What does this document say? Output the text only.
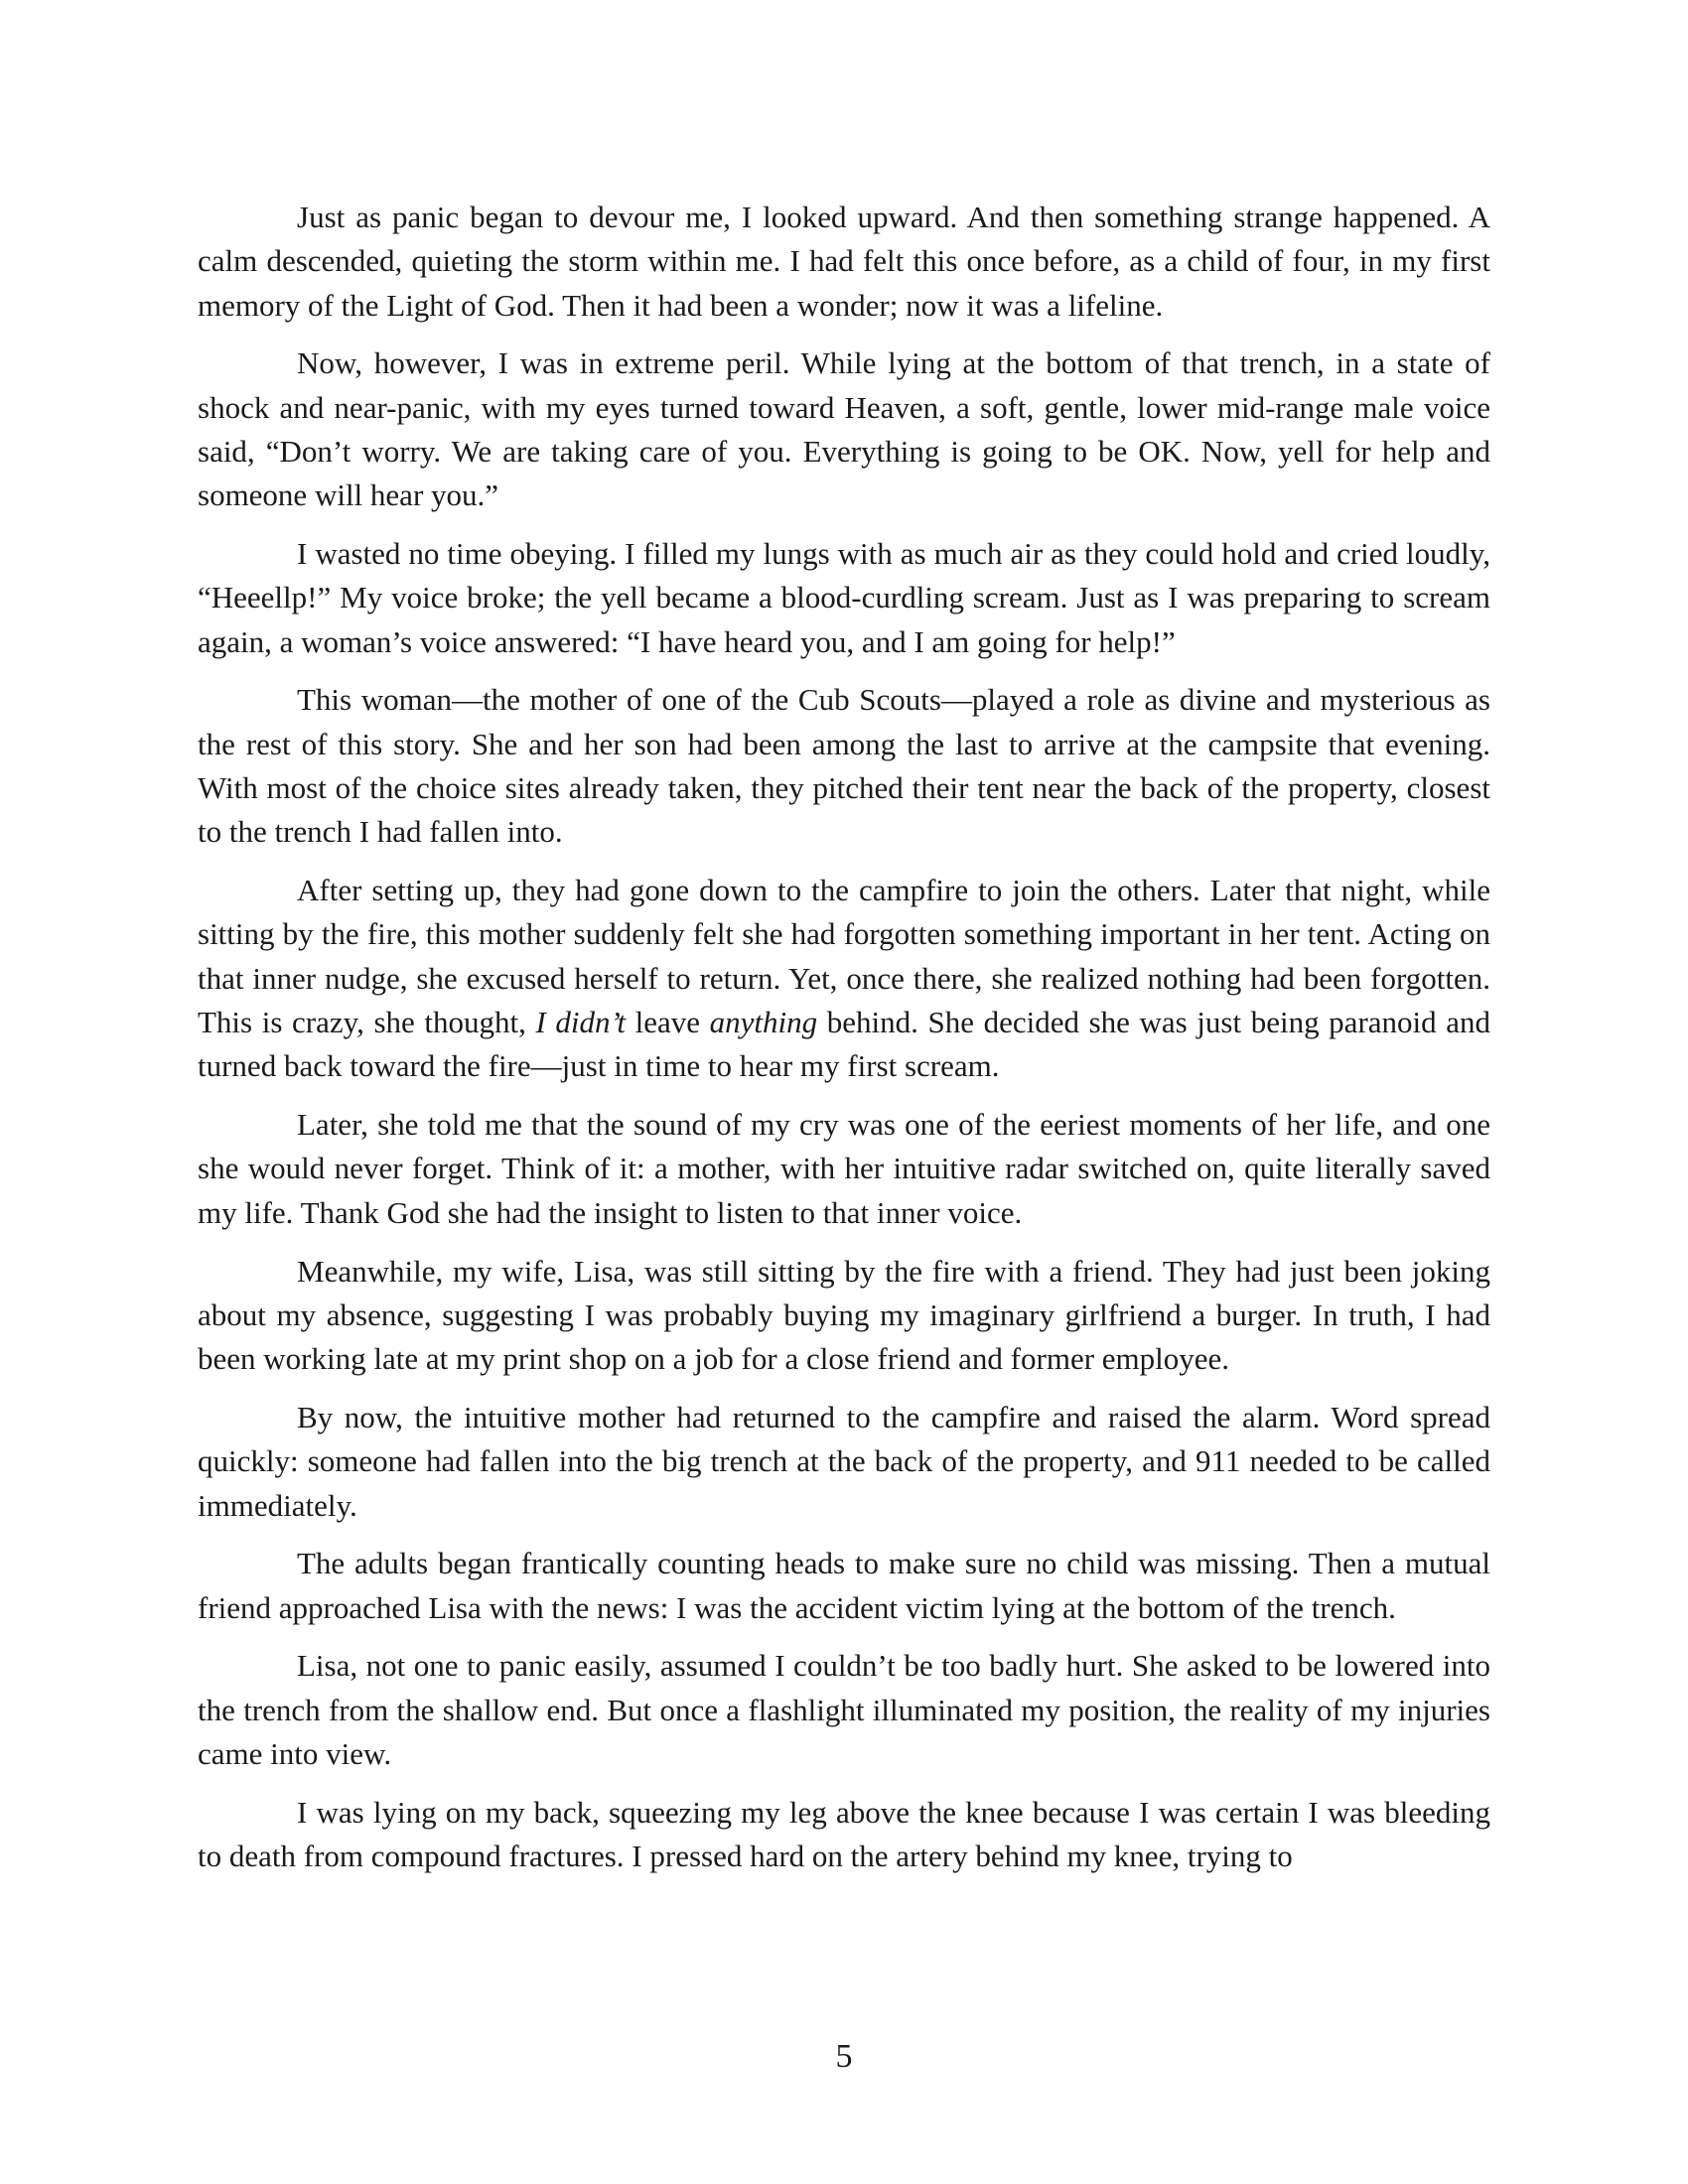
Just as panic began to devour me, I looked upward. And then something strange happened. A calm descended, quieting the storm within me. I had felt this once before, as a child of four, in my first memory of the Light of God. Then it had been a wonder; now it was a lifeline.

Now, however, I was in extreme peril. While lying at the bottom of that trench, in a state of shock and near-panic, with my eyes turned toward Heaven, a soft, gentle, lower mid-range male voice said, “Don’t worry. We are taking care of you. Everything is going to be OK. Now, yell for help and someone will hear you.”

I wasted no time obeying. I filled my lungs with as much air as they could hold and cried loudly, “Heeellp!” My voice broke; the yell became a blood-curdling scream. Just as I was preparing to scream again, a woman’s voice answered: “I have heard you, and I am going for help!”

This woman—the mother of one of the Cub Scouts—played a role as divine and mysterious as the rest of this story. She and her son had been among the last to arrive at the campsite that evening. With most of the choice sites already taken, they pitched their tent near the back of the property, closest to the trench I had fallen into.

After setting up, they had gone down to the campfire to join the others. Later that night, while sitting by the fire, this mother suddenly felt she had forgotten something important in her tent. Acting on that inner nudge, she excused herself to return. Yet, once there, she realized nothing had been forgotten. This is crazy, she thought, I didn’t leave anything behind. She decided she was just being paranoid and turned back toward the fire—just in time to hear my first scream.

Later, she told me that the sound of my cry was one of the eeriest moments of her life, and one she would never forget. Think of it: a mother, with her intuitive radar switched on, quite literally saved my life. Thank God she had the insight to listen to that inner voice.

Meanwhile, my wife, Lisa, was still sitting by the fire with a friend. They had just been joking about my absence, suggesting I was probably buying my imaginary girlfriend a burger. In truth, I had been working late at my print shop on a job for a close friend and former employee.

By now, the intuitive mother had returned to the campfire and raised the alarm. Word spread quickly: someone had fallen into the big trench at the back of the property, and 911 needed to be called immediately.

The adults began frantically counting heads to make sure no child was missing. Then a mutual friend approached Lisa with the news: I was the accident victim lying at the bottom of the trench.

Lisa, not one to panic easily, assumed I couldn’t be too badly hurt. She asked to be lowered into the trench from the shallow end. But once a flashlight illuminated my position, the reality of my injuries came into view.

I was lying on my back, squeezing my leg above the knee because I was certain I was bleeding to death from compound fractures. I pressed hard on the artery behind my knee, trying to

5
